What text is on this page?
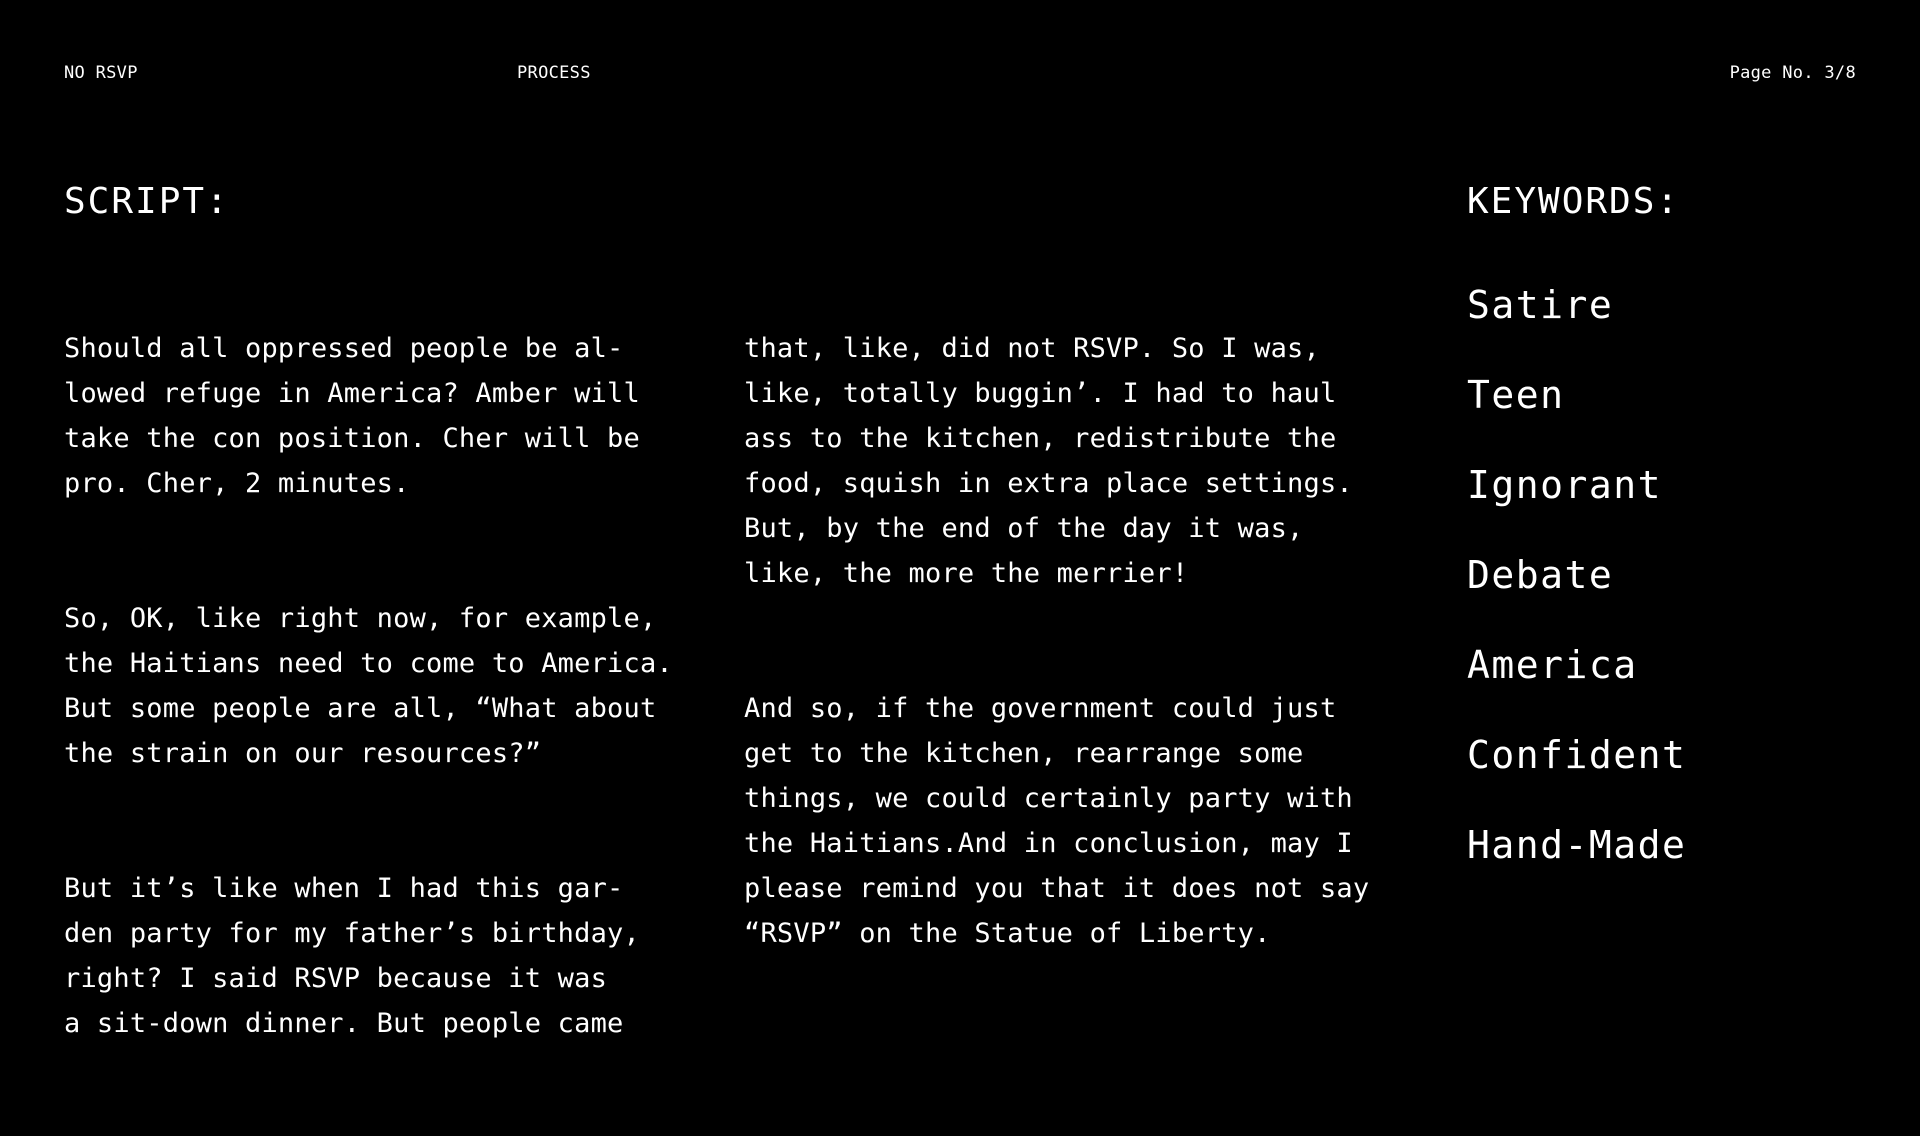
NO RSVP	PROCESS	Page No. 3/8
SCRIPT:

Should all oppressed people be al-
lowed refuge in America? Amber will
take the con position. Cher will be
pro. Cher, 2 minutes.

So, OK, like right now, for example,
the Haitians need to come to America.
But some people are all, “What about
the strain on our resources?”

But it’s like when I had this gar-
den party for my father’s birthday,
right? I said RSVP because it was
a sit-down dinner. But people came

that, like, did not RSVP. So I was,
like, totally buggin’. I had to haul
ass to the kitchen, redistribute the
food, squish in extra place settings.
But, by the end of the day it was,
like, the more the merrier!

And so, if the government could just
get to the kitchen, rearrange some
things, we could certainly party with
the Haitians.And in conclusion, may I
please remind you that it does not say
“RSVP” on the Statue of Liberty.

KEYWORDS:
Satire
Teen
Ignorant
Debate
America
Confident
Hand-Made
